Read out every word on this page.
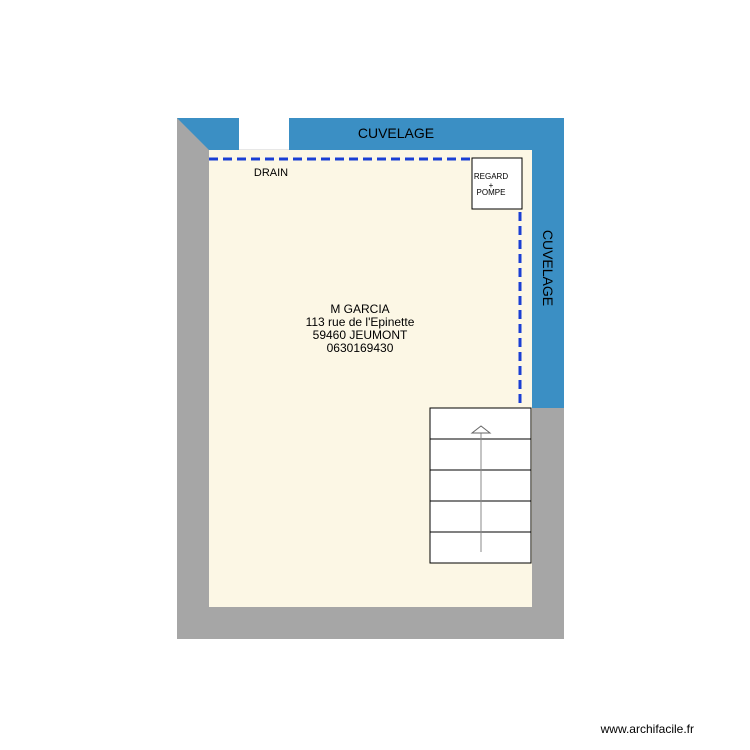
REGARD
+
POMPE
DRAIN
CUVELAGE
CUVELAGE
M GARCIA
113 rue de l'Epinette
59460 JEUMONT
0630169430
www.archifacile.fr
